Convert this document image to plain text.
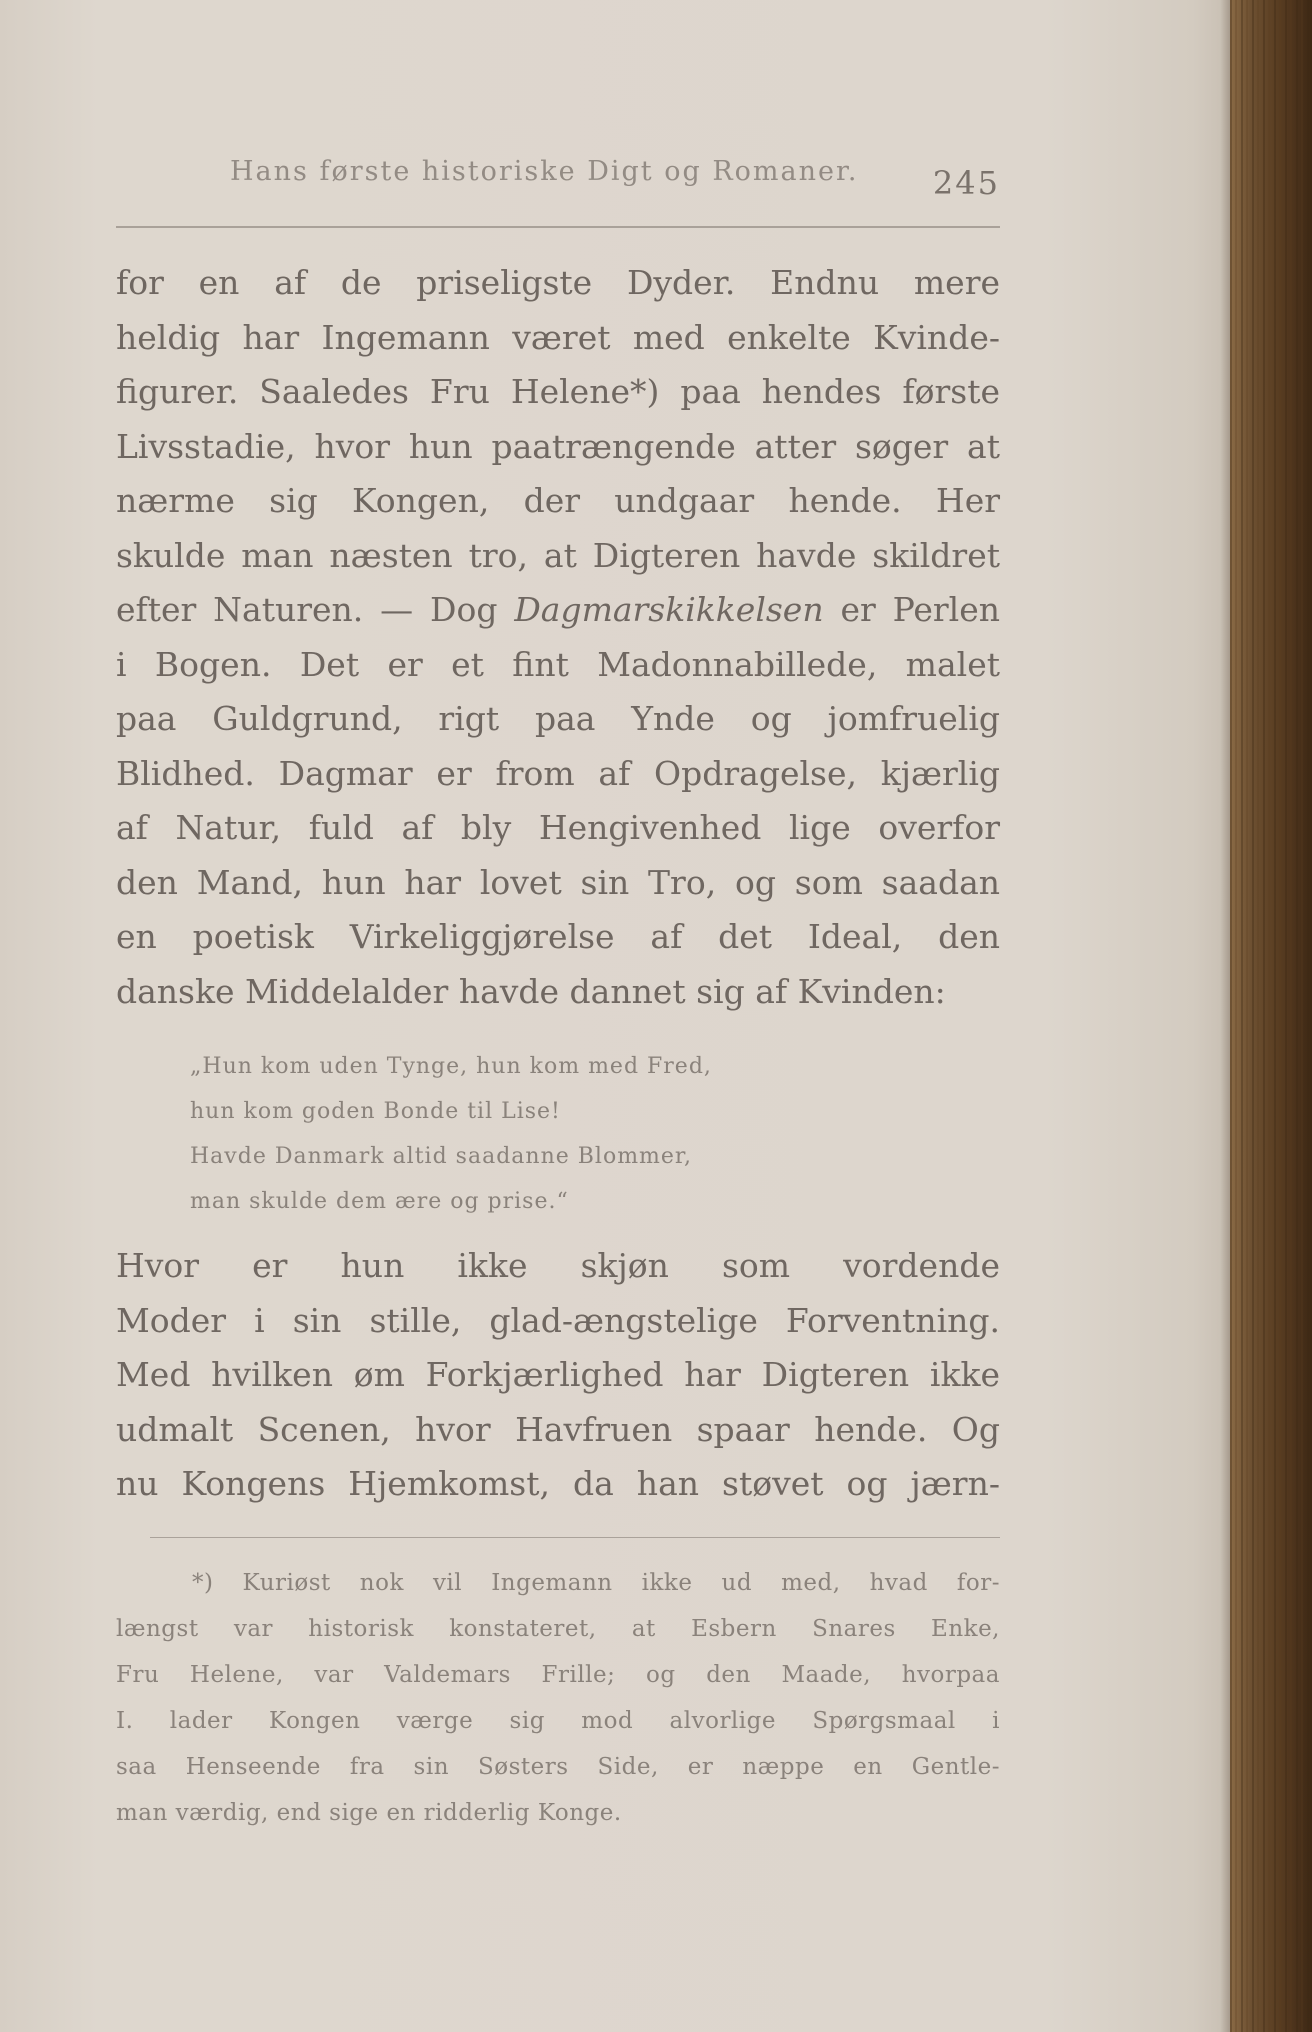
Hans første historiske Digt og Romaner. 245
for en af de priseligste Dyder. Endnu mere
heldig har Ingemann været med enkelte Kvinde-
figurer. Saaledes Fru Helene*) paa hendes første
Livsstadie, hvor hun paatrængende atter søger at
nærme sig Kongen, der undgaar hende. Her
skulde man næsten tro, at Digteren havde skildret
efter Naturen. — Dog Dagmarskikkelsen er Perlen
i Bogen. Det er et fint Madonnabillede, malet
paa Guldgrund, rigt paa Ynde og jomfruelig
Blidhed. Dagmar er from af Opdragelse, kjærlig
af Natur, fuld af bly Hengivenhed lige overfor
den Mand, hun har lovet sin Tro, og som saadan
en poetisk Virkeliggjørelse af det Ideal, den
danske Middelalder havde dannet sig af Kvinden:
„Hun kom uden Tynge, hun kom med Fred,
hun kom goden Bonde til Lise!
Havde Danmark altid saadanne Blommer,
man skulde dem ære og prise.“
Hvor er hun ikke skjøn som vordende
Moder i sin stille, glad-ængstelige Forventning.
Med hvilken øm Forkjærlighed har Digteren ikke
udmalt Scenen, hvor Havfruen spaar hende. Og
nu Kongens Hjemkomst, da han støvet og jærn-
*) Kuriøst nok vil Ingemann ikke ud med, hvad for-
længst var historisk konstateret, at Esbern Snares Enke,
Fru Helene, var Valdemars Frille; og den Maade, hvorpaa
I. lader Kongen værge sig mod alvorlige Spørgsmaal i
saa Henseende fra sin Søsters Side, er næppe en Gentle-
man værdig, end sige en ridderlig Konge.
